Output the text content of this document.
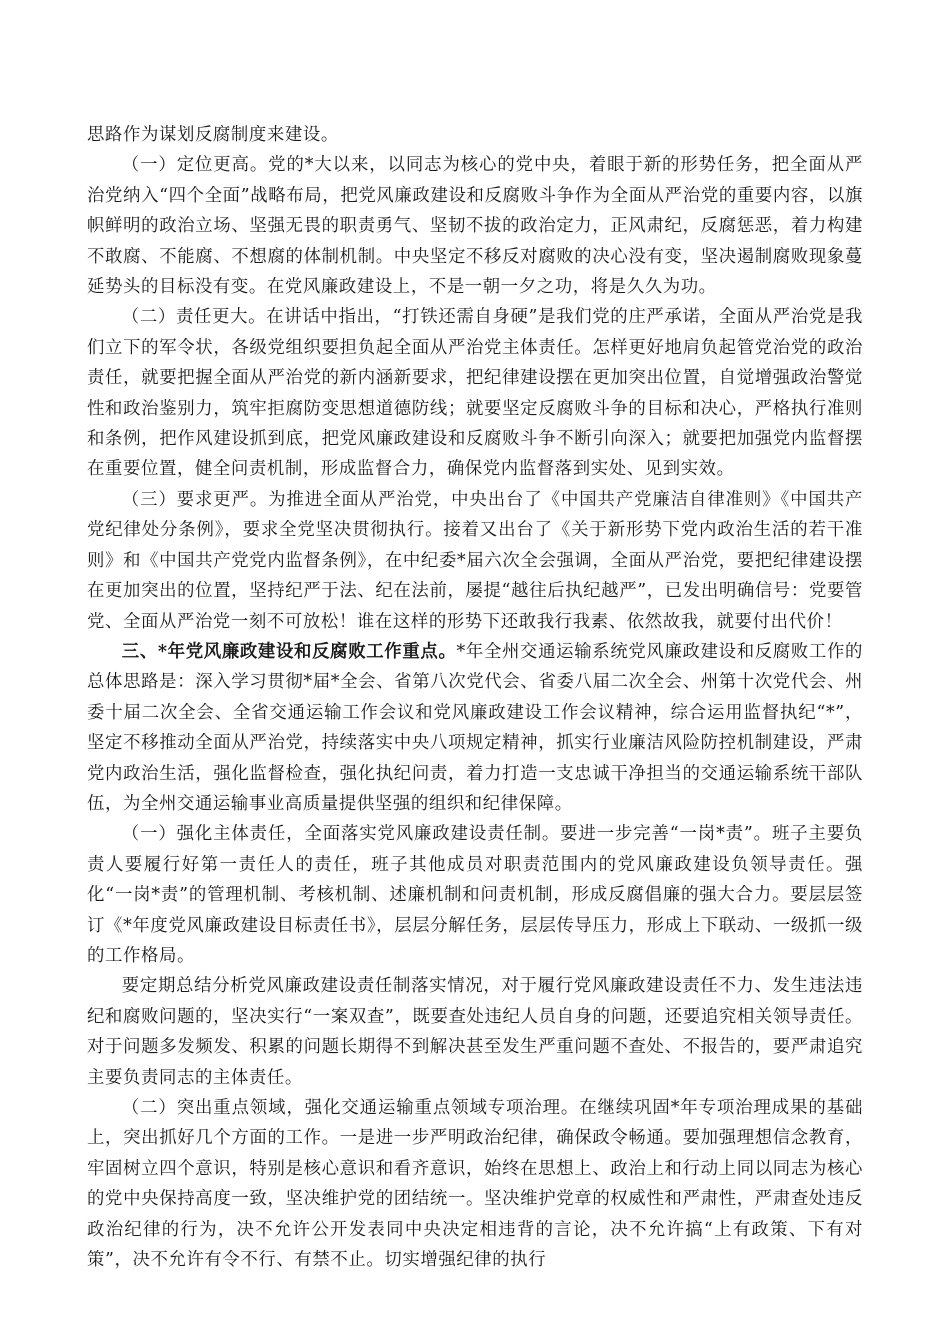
思路作为谋划反腐制度来建设。

（一）定位更高。党的*大以来，以同志为核心的党中央，着眼于新的形势任务，把全面从严治党纳入“四个全面”战略布局，把党风廉政建设和反腐败斗争作为全面从严治党的重要内容，以旗帜鲜明的政治立场、坚强无畏的职责勇气、坚韧不拔的政治定力，正风肃纪，反腐惩恶，着力构建不敢腐、不能腐、不想腐的体制机制。中央坚定不移反对腐败的决心没有变，坚决遏制腐败现象蔓延势头的目标没有变。在党风廉政建设上，不是一朝一夕之功，将是久久为功。

（二）责任更大。在讲话中指出，“打铁还需自身硬”是我们党的庄严承诺，全面从严治党是我们立下的军令状，各级党组织要担负起全面从严治党主体责任。怎样更好地肩负起管党治党的政治责任，就要把握全面从严治党的新内涵新要求，把纪律建设摆在更加突出位置，自觉增强政治警觉性和政治鉴别力，筑牢拒腐防变思想道德防线；就要坚定反腐败斗争的目标和决心，严格执行准则和条例，把作风建设抓到底，把党风廉政建设和反腐败斗争不断引向深入；就要把加强党内监督摆在重要位置，健全问责机制，形成监督合力，确保党内监督落到实处、见到实效。

（三）要求更严。为推进全面从严治党，中央出台了《中国共产党廉洁自律准则》《中国共产党纪律处分条例》，要求全党坚决贯彻执行。接着又出台了《关于新形势下党内政治生活的若干准则》和《中国共产党党内监督条例》，在中纪委*届六次全会强调，全面从严治党，要把纪律建设摆在更加突出的位置，坚持纪严于法、纪在法前，屡提“越往后执纪越严”，已发出明确信号：党要管党、全面从严治党一刻不可放松！谁在这样的形势下还敢我行我素、依然故我，就要付出代价！

三、*年党风廉政建设和反腐败工作重点。*年全州交通运输系统党风廉政建设和反腐败工作的总体思路是：深入学习贯彻*届*全会、省第八次党代会、省委八届二次全会、州第十次党代会、州委十届二次全会、全省交通运输工作会议和党风廉政建设工作会议精神，综合运用监督执纪“*”，坚定不移推动全面从严治党，持续落实中央八项规定精神，抓实行业廉洁风险防控机制建设，严肃党内政治生活，强化监督检查，强化执纪问责，着力打造一支忠诚干净担当的交通运输系统干部队伍，为全州交通运输事业高质量提供坚强的组织和纪律保障。

（一）强化主体责任，全面落实党风廉政建设责任制。要进一步完善“一岗*责”。班子主要负责人要履行好第一责任人的责任，班子其他成员对职责范围内的党风廉政建设负领导责任。强化“一岗*责”的管理机制、考核机制、述廉机制和问责机制，形成反腐倡廉的强大合力。要层层签订《*年度党风廉政建设目标责任书》，层层分解任务，层层传导压力，形成上下联动、一级抓一级的工作格局。

要定期总结分析党风廉政建设责任制落实情况，对于履行党风廉政建设责任不力、发生违法违纪和腐败问题的，坚决实行“一案双查”，既要查处违纪人员自身的问题，还要追究相关领导责任。对于问题多发频发、积累的问题长期得不到解决甚至发生严重问题不查处、不报告的，要严肃追究主要负责同志的主体责任。

（二）突出重点领域，强化交通运输重点领域专项治理。在继续巩固*年专项治理成果的基础上，突出抓好几个方面的工作。一是进一步严明政治纪律，确保政令畅通。要加强理想信念教育，牢固树立四个意识，特别是核心意识和看齐意识，始终在思想上、政治上和行动上同以同志为核心的党中央保持高度一致，坚决维护党的团结统一。坚决维护党章的权威性和严肃性，严肃查处违反政治纪律的行为，决不允许公开发表同中央决定相违背的言论，决不允许搞“上有政策、下有对策”，决不允许有令不行、有禁不止。切实增强纪律的执行
